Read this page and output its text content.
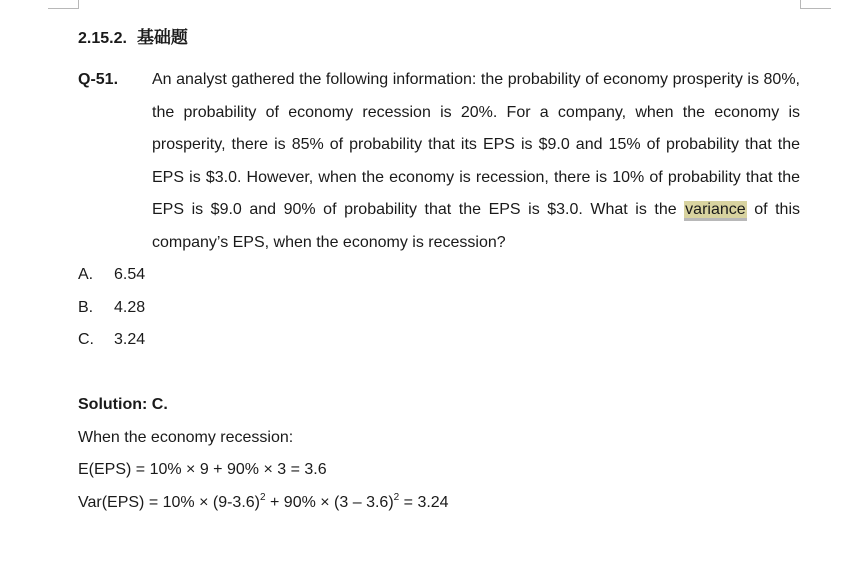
2.15.2. 基础题
Q-51. An analyst gathered the following information: the probability of economy prosperity is 80%, the probability of economy recession is 20%. For a company, when the economy is prosperity, there is 85% of probability that its EPS is $9.0 and 15% of probability that the EPS is $3.0. However, when the economy is recession, there is 10% of probability that the EPS is $9.0 and 90% of probability that the EPS is $3.0. What is the variance of this company’s EPS, when the economy is recession?
A. 6.54
B. 4.28
C. 3.24
Solution: C.
When the economy recession:
E(EPS) = 10% × 9 + 90% × 3 = 3.6
$Var(EPS) = 10\% \times (9-3.6)^2 + 90\% \times (3 - 3.6)^2 = 3.24$
